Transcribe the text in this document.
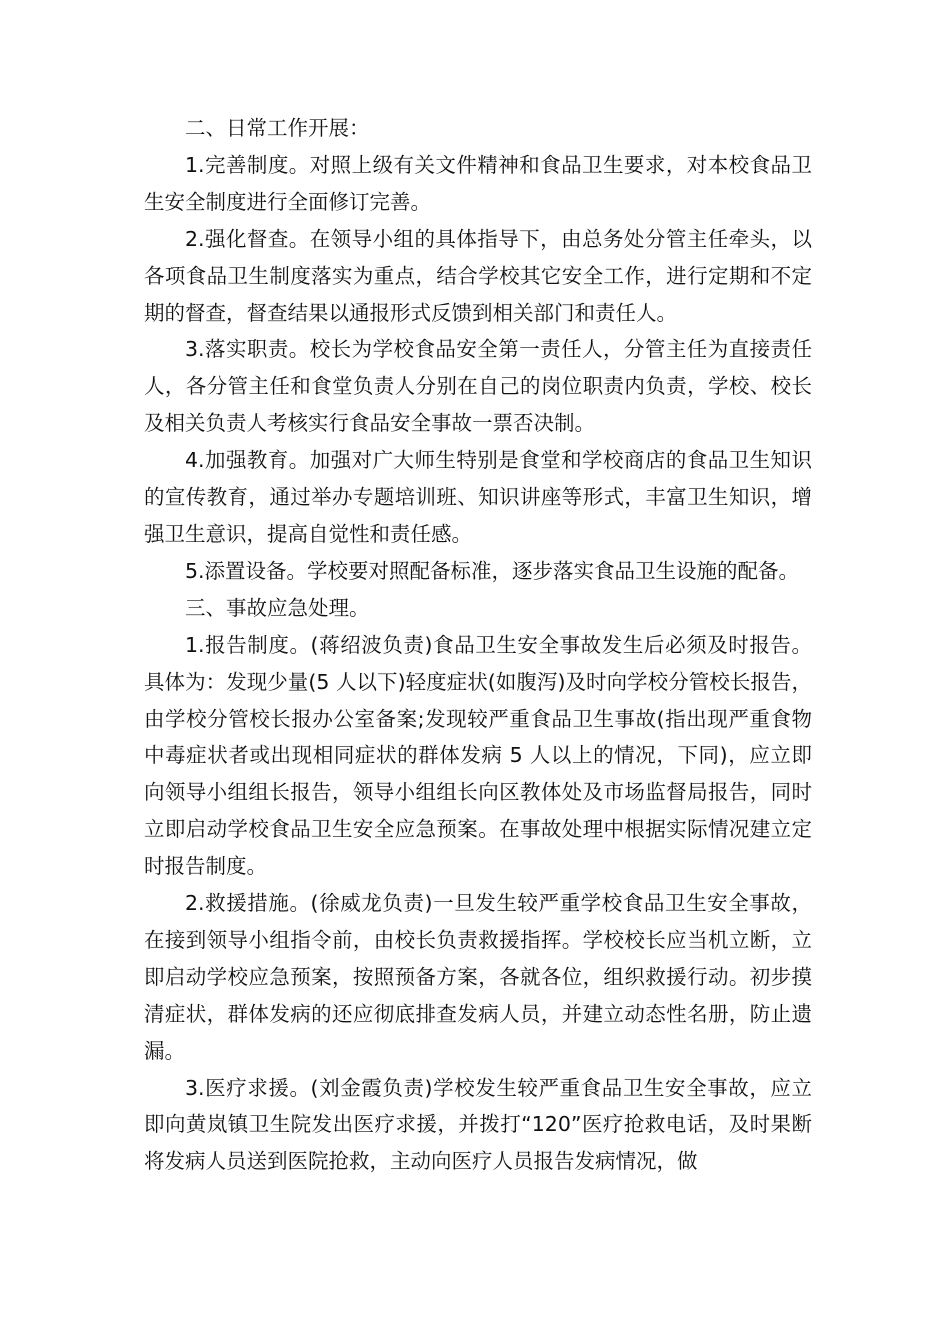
二、日常工作开展：

1.完善制度。对照上级有关文件精神和食品卫生要求，对本校食品卫生安全制度进行全面修订完善。

2.强化督查。在领导小组的具体指导下，由总务处分管主任牵头，以各项食品卫生制度落实为重点，结合学校其它安全工作，进行定期和不定期的督查，督查结果以通报形式反馈到相关部门和责任人。

3.落实职责。校长为学校食品安全第一责任人，分管主任为直接责任人，各分管主任和食堂负责人分别在自己的岗位职责内负责，学校、校长及相关负责人考核实行食品安全事故一票否决制。

4.加强教育。加强对广大师生特别是食堂和学校商店的食品卫生知识的宣传教育，通过举办专题培训班、知识讲座等形式，丰富卫生知识，增强卫生意识，提高自觉性和责任感。

5.添置设备。学校要对照配备标准，逐步落实食品卫生设施的配备。

三、事故应急处理。

1.报告制度。(蒋绍波负责)食品卫生安全事故发生后必须及时报告。具体为：发现少量(5 人以下)轻度症状(如腹泻)及时向学校分管校长报告，由学校分管校长报办公室备案;发现较严重食品卫生事故(指出现严重食物中毒症状者或出现相同症状的群体发病 5 人以上的情况，下同)，应立即向领导小组组长报告，领导小组组长向区教体处及市场监督局报告，同时立即启动学校食品卫生安全应急预案。在事故处理中根据实际情况建立定时报告制度。

2.救援措施。(徐威龙负责)一旦发生较严重学校食品卫生安全事故，在接到领导小组指令前，由校长负责救援指挥。学校校长应当机立断，立即启动学校应急预案，按照预备方案，各就各位，组织救援行动。初步摸清症状，群体发病的还应彻底排查发病人员，并建立动态性名册，防止遗漏。

3.医疗求援。(刘金霞负责)学校发生较严重食品卫生安全事故，应立即向黄岚镇卫生院发出医疗求援，并拨打“120”医疗抢救电话，及时果断将发病人员送到医院抢救，主动向医疗人员报告发病情况，做
